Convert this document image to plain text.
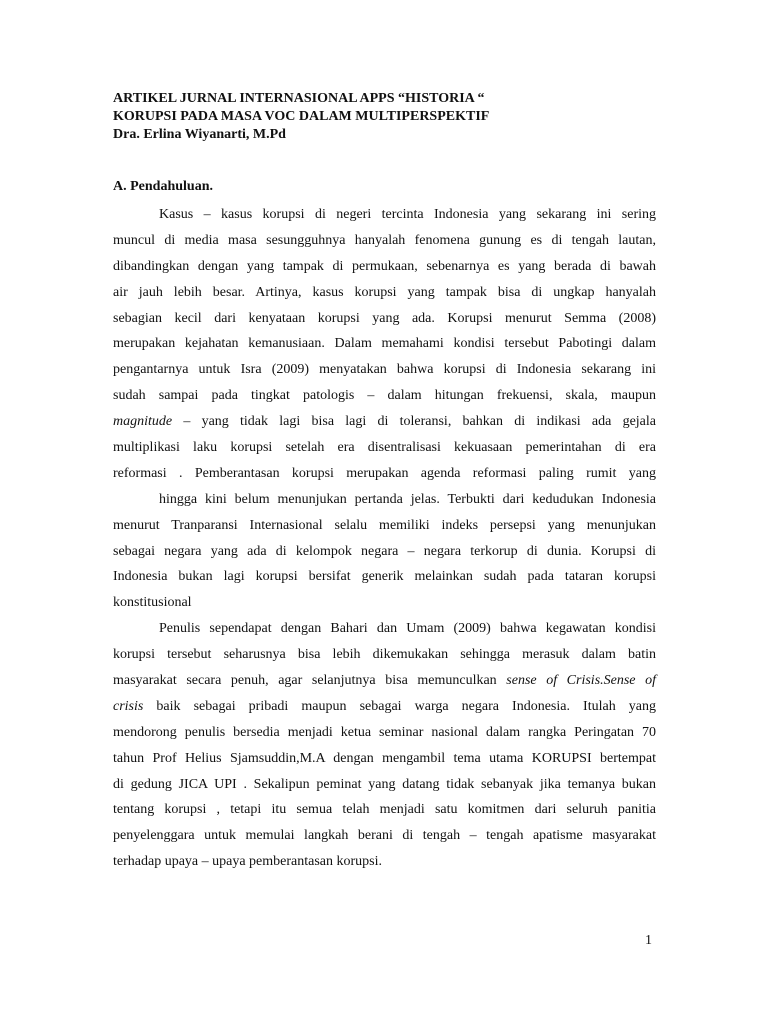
ARTIKEL JURNAL INTERNASIONAL APPS “HISTORIA “
KORUPSI PADA MASA VOC DALAM MULTIPERSPEKTIF
Dra. Erlina Wiyanarti, M.Pd
A. Pendahuluan.
Kasus – kasus korupsi di negeri tercinta Indonesia yang sekarang ini sering
muncul di media masa sesungguhnya hanyalah fenomena gunung es di tengah lautan,
dibandingkan dengan yang tampak di permukaan, sebenarnya es yang berada di bawah
air jauh lebih besar. Artinya, kasus korupsi yang tampak bisa di ungkap hanyalah
sebagian kecil dari kenyataan korupsi yang ada. Korupsi menurut Semma (2008)
merupakan kejahatan kemanusiaan. Dalam memahami kondisi tersebut Pabotingi dalam
pengantarnya untuk Isra (2009) menyatakan bahwa korupsi di Indonesia sekarang ini
sudah sampai pada tingkat patologis – dalam hitungan frekuensi, skala, maupun
magnitude – yang tidak lagi bisa lagi di toleransi, bahkan di indikasi ada gejala
multiplikasi laku korupsi setelah era disentralisasi kekuasaan pemerintahan di era
reformasi . Pemberantasan korupsi merupakan agenda reformasi paling rumit yang
hingga kini belum menunjukan pertanda jelas. Terbukti dari kedudukan Indonesia
menurut Tranparansi Internasional selalu memiliki indeks persepsi yang menunjukan
sebagai negara yang ada di kelompok negara – negara terkorup di dunia. Korupsi di
Indonesia bukan lagi korupsi bersifat generik melainkan sudah pada tataran korupsi
konstitusional
Penulis sependapat dengan Bahari dan Umam (2009) bahwa kegawatan kondisi
korupsi tersebut seharusnya bisa lebih dikemukakan sehingga merasuk dalam batin
masyarakat secara penuh, agar selanjutnya bisa memunculkan sense of Crisis.Sense of
crisis baik sebagai pribadi maupun sebagai warga negara Indonesia. Itulah yang
mendorong penulis bersedia menjadi ketua seminar nasional dalam rangka Peringatan 70
tahun Prof Helius Sjamsuddin,M.A dengan mengambil tema utama KORUPSI bertempat
di gedung JICA UPI . Sekalipun peminat yang datang tidak sebanyak jika temanya bukan
tentang korupsi , tetapi itu semua telah menjadi satu komitmen dari seluruh panitia
penyelenggara untuk memulai langkah berani di tengah – tengah apatisme masyarakat
terhadap upaya – upaya pemberantasan korupsi.
1
